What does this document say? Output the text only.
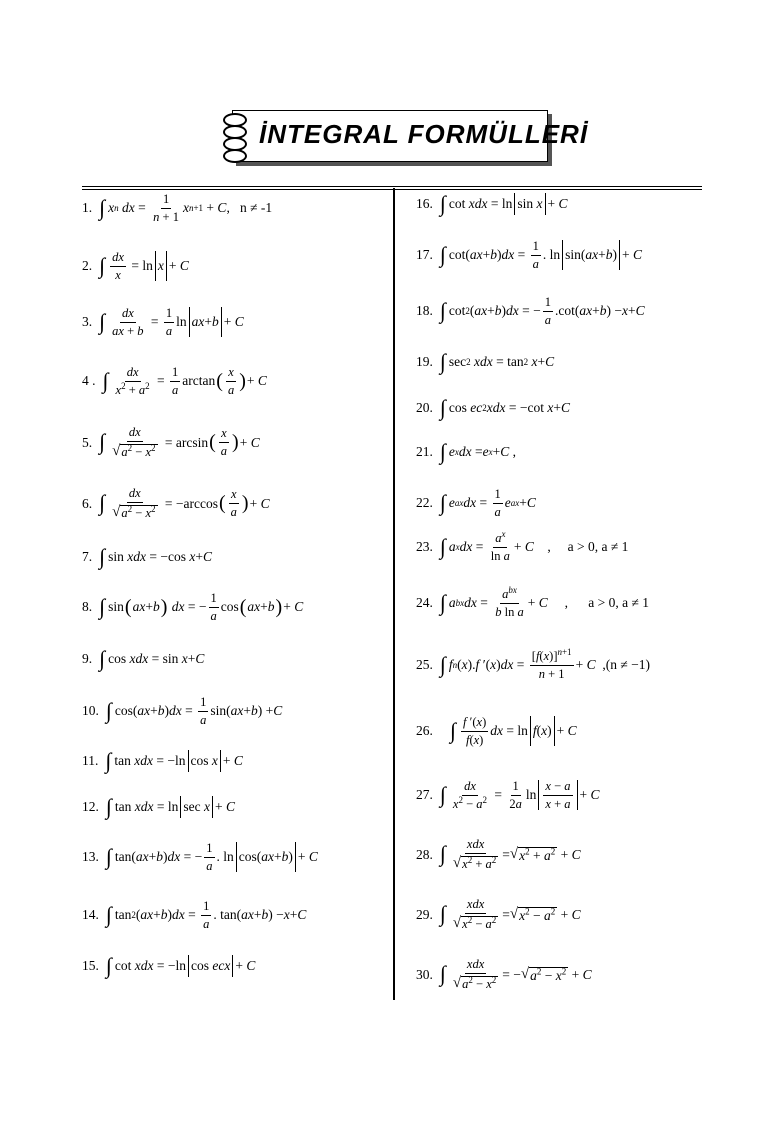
İNTEGRAL FORMÜLLERİ
1. ∫ x n
dx = $\frac{1}{n + 1}$ x n+1 + C , n ≠ -1
2. ∫ $\frac{dx}{x} = \ln x + C$
3. ∫ $\frac{dx}{ax + b} = \frac{1}{a}$ ln ax + b + C
4 . ∫ $\frac{dx}{x^2 + a^2} = \frac{1}{a}$ arctan ( $\frac{x}{a}$ ) + C
5. ∫ $\frac{dx}{√ a^2 - x^2} = \arcsin$ ( $\frac{x}{a}$ ) + C
6. ∫ $\frac{dx}{√ a^2 - x^2} = -\arccos$ ( $\frac{x}{a}$ ) + C
7. ∫ sin xdx = −cos x + C
8. ∫ sin ( ax + b )
dx = − $\frac{1}{a}$ cos ( ax + b ) + C
9. ∫ cos xdx = sin x + C
10. ∫ cos( ax + b ) dx = $\frac{1}{a} \sin$( ax + b ) + C
11. ∫ tan xdx = −ln cos x + C
12. ∫ tan xdx = ln sec x + C
13. ∫ tan( ax + b ) dx = − $\frac{1}{a}$ . ln cos( ax + b ) + C
14. ∫ tan 2 ( ax + b ) dx = $\frac{1}{a}$ . tan( ax + b ) − x + C
15. ∫ cot xdx = −ln cos ecx + C
16. ∫ cot xdx = ln sin x + C
17. ∫ cot( ax + b ) dx = $\frac{1}{a}$ . ln sin( ax + b ) + C
18. ∫ cot 2 ( ax + b ) dx = − $\frac{1}{a} .\cot$( ax + b ) − x + C
19. ∫ sec 2
xdx = tan 2
x + C
20. ∫ cos ec 2 xdx = −cot x + C
21. ∫ e x dx = e x + C ,
22. ∫ e ax dx = $\frac{1}{a}$ e ax + C
23. ∫ a x dx = $\frac{a^x}{\text{ln a}} + C$ , a > 0, a ≠ 1
24. ∫ a bx dx = $\frac{a^{bx}}{\text{b ln a}} + C$ , a > 0, a ≠ 1
25. ∫ f n ( x ). f ′( x ) dx = $\frac{[f(x)]^{n+1}}{n + 1} + C$ , (n ≠ −1)
26.
∫ $\frac{f '(x)}{f(x)}$ dx = ln f ( x ) + C
27. ∫ $\frac{dx}{x^2 - a^2} = \frac{1}{2a}$ $\ln \frac{x - a}{x + a} + C$
28. ∫ $\frac{\text{xdx}}{√ x^2 + a^2}$ = √ $x^2 + a^2 + C$
29. ∫ $\frac{\text{xdx}}{√ x^2 - a^2}$ = √ $x^2 - a^2 + C$
30. ∫ $\frac{\text{xdx}}{√ a^2 - x^2}$ = − √ $a^2 - x^2 + C$
